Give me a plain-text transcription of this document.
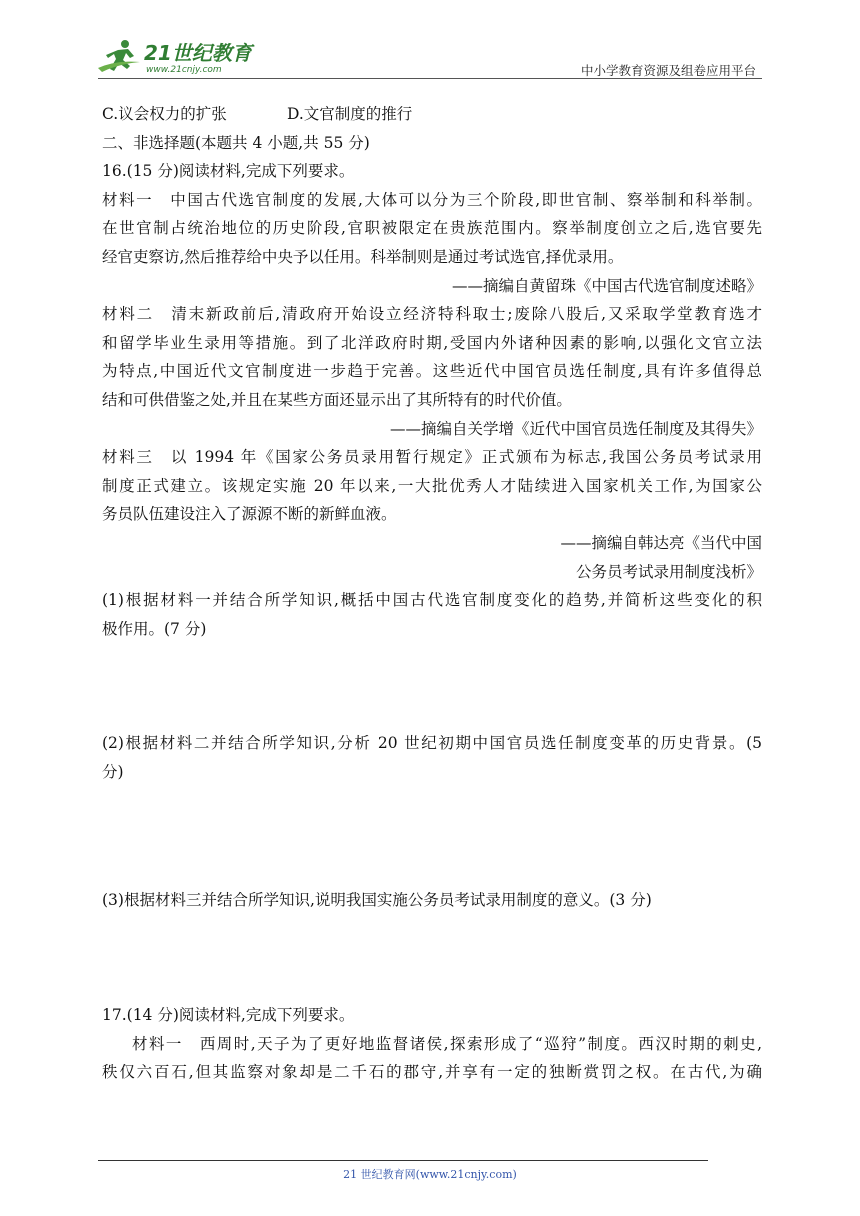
21世纪教育
www.21cnjy.com	中小学教育资源及组卷应用平台
C.议会权力的扩张	D.文官制度的推行
二、非选择题(本题共 4 小题,共 55 分)
16.(15 分)阅读材料,完成下列要求。
材料一　中国古代选官制度的发展,大体可以分为三个阶段,即世官制、察举制和科举制。
在世官制占统治地位的历史阶段,官职被限定在贵族范围内。察举制度创立之后,选官要先
经官吏察访,然后推荐给中央予以任用。科举制则是通过考试选官,择优录用。
——摘编自黄留珠《中国古代选官制度述略》
材料二　清末新政前后,清政府开始设立经济特科取士;废除八股后,又采取学堂教育选才
和留学毕业生录用等措施。到了北洋政府时期,受国内外诸种因素的影响,以强化文官立法
为特点,中国近代文官制度进一步趋于完善。这些近代中国官员选任制度,具有许多值得总
结和可供借鉴之处,并且在某些方面还显示出了其所特有的时代价值。
——摘编自关学增《近代中国官员选任制度及其得失》
材料三　以 1994 年《国家公务员录用暂行规定》正式颁布为标志,我国公务员考试录用
制度正式建立。该规定实施 20 年以来,一大批优秀人才陆续进入国家机关工作,为国家公
务员队伍建设注入了源源不断的新鲜血液。
——摘编自韩达亮《当代中国
公务员考试录用制度浅析》
(1)根据材料一并结合所学知识,概括中国古代选官制度变化的趋势,并简析这些变化的积
极作用。(7 分)
(2)根据材料二并结合所学知识,分析 20 世纪初期中国官员选任制度变革的历史背景。(5
分)
(3)根据材料三并结合所学知识,说明我国实施公务员考试录用制度的意义。(3 分)
17.(14 分)阅读材料,完成下列要求。
材料一　西周时,天子为了更好地监督诸侯,探索形成了“巡狩”制度。西汉时期的刺史,
秩仅六百石,但其监察对象却是二千石的郡守,并享有一定的独断赏罚之权。在古代,为确
21 世纪教育网(www.21cnjy.com)
